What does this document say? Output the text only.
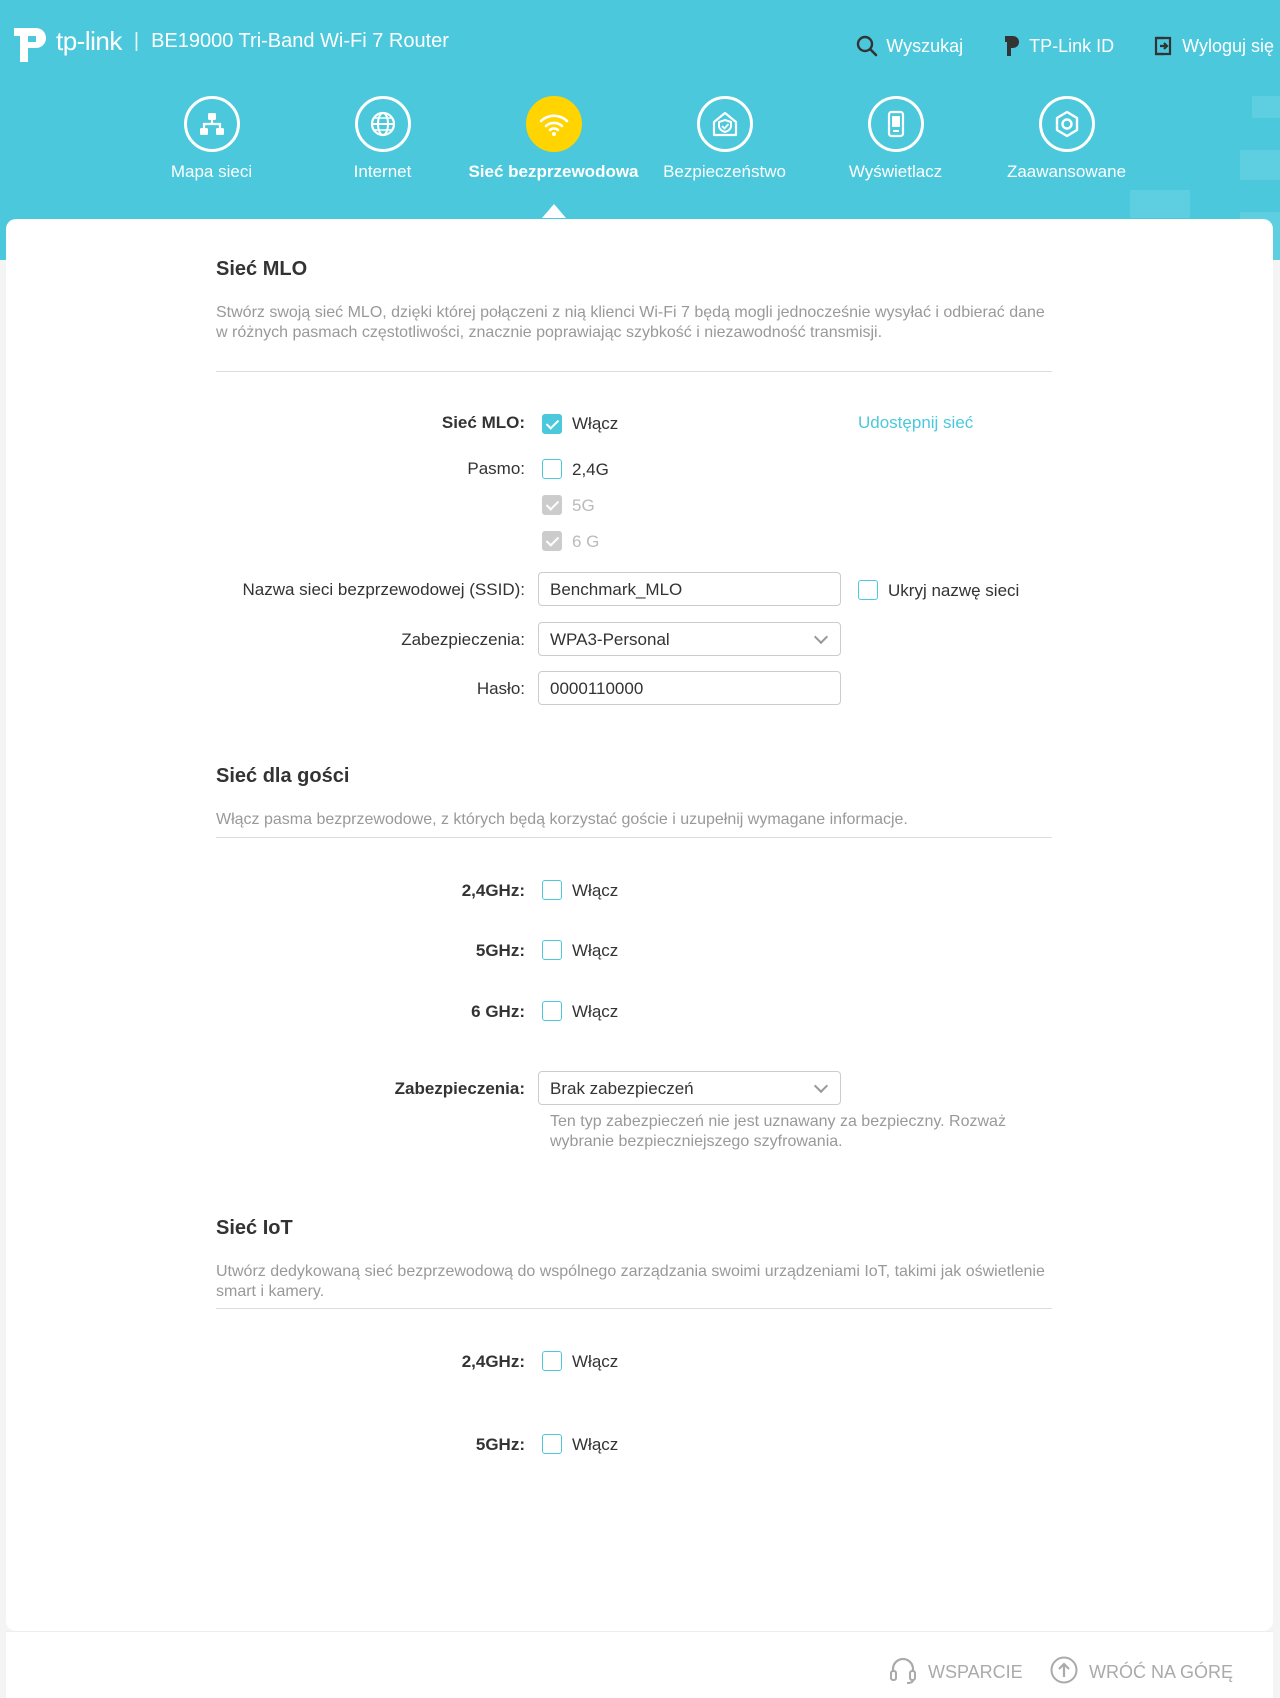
tp-link | BE19000 Tri-Band Wi-Fi 7 Router	Wyszukaj	TP-Link ID	Wyloguj się
Mapa sieci	Internet	Sieć bezprzewodowa	Bezpieczeństwo	Wyświetlacz	Zaawansowane
Sieć MLO
Stwórz swoją sieć MLO, dzięki której połączeni z nią klienci Wi-Fi 7 będą mogli jednocześnie wysyłać i odbierać dane w różnych pasmach częstotliwości, znacznie poprawiając szybkość i niezawodność transmisji.
Sieć MLO:	Włącz	Udostępnij sieć
Pasmo:	2,4G
5G
6 G
Nazwa sieci bezprzewodowej (SSID):	Benchmark_MLO	Ukryj nazwę sieci
Zabezpieczenia:	WPA3-Personal
Hasło:	0000110000
Sieć dla gości
Włącz pasma bezprzewodowe, z których będą korzystać goście i uzupełnij wymagane informacje.
2,4GHz:	Włącz
5GHz:	Włącz
6 GHz:	Włącz
Zabezpieczenia:	Brak zabezpieczeń
Ten typ zabezpieczeń nie jest uznawany za bezpieczny. Rozważ wybranie bezpieczniejszego szyfrowania.
Sieć IoT
Utwórz dedykowaną sieć bezprzewodową do wspólnego zarządzania swoimi urządzeniami IoT, takimi jak oświetlenie smart i kamery.
2,4GHz:	Włącz
5GHz:	Włącz
WSPARCIE	WRÓĆ NA GÓRĘ
